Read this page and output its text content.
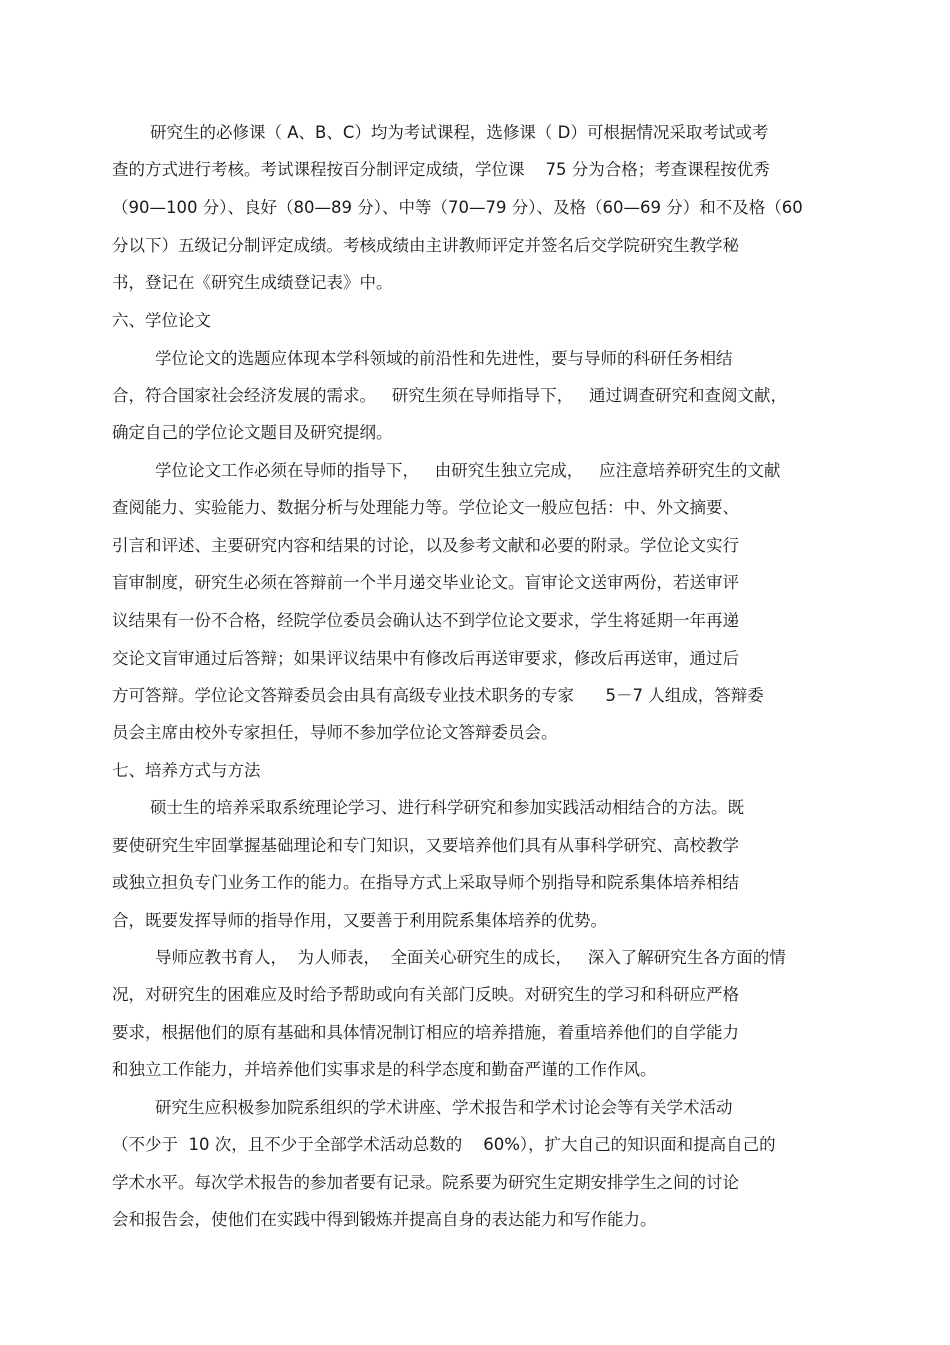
研究生的必修课（ A、B、C）均为考试课程，选修课（ D）可根据情况采取考试或考

查的方式进行考核。考试课程按百分制评定成绩，学位课    75 分为合格；考查课程按优秀

（90—100 分）、良好（80—89 分）、中等（70—79 分）、及格（60—69 分）和不及格（60

分以下）五级记分制评定成绩。考核成绩由主讲教师评定并签名后交学院研究生教学秘

书，登记在《研究生成绩登记表》中。

六、学位论文

学位论文的选题应体现本学科领域的前沿性和先进性，要与导师的科研任务相结

合，符合国家社会经济发展的需求。   研究生须在导师指导下，   通过调查研究和查阅文献，

确定自己的学位论文题目及研究提纲。

学位论文工作必须在导师的指导下，   由研究生独立完成，   应注意培养研究生的文献

查阅能力、实验能力、数据分析与处理能力等。学位论文一般应包括：中、外文摘要、

引言和评述、主要研究内容和结果的讨论，以及参考文献和必要的附录。学位论文实行

盲审制度，研究生必须在答辩前一个半月递交毕业论文。盲审论文送审两份，若送审评

议结果有一份不合格，经院学位委员会确认达不到学位论文要求，学生将延期一年再递

交论文盲审通过后答辩；如果评议结果中有修改后再送审要求，修改后再送审，通过后

方可答辩。学位论文答辩委员会由具有高级专业技术职务的专家      5－7 人组成，答辩委

员会主席由校外专家担任，导师不参加学位论文答辩委员会。

七、培养方式与方法

硕士生的培养采取系统理论学习、进行科学研究和参加实践活动相结合的方法。既

要使研究生牢固掌握基础理论和专门知识，又要培养他们具有从事科学研究、高校教学

或独立担负专门业务工作的能力。在指导方式上采取导师个别指导和院系集体培养相结

合，既要发挥导师的指导作用，又要善于利用院系集体培养的优势。

导师应教书育人，  为人师表，  全面关心研究生的成长，   深入了解研究生各方面的情

况，对研究生的困难应及时给予帮助或向有关部门反映。对研究生的学习和科研应严格

要求，根据他们的原有基础和具体情况制订相应的培养措施，着重培养他们的自学能力

和独立工作能力，并培养他们实事求是的科学态度和勤奋严谨的工作作风。

研究生应积极参加院系组织的学术讲座、学术报告和学术讨论会等有关学术活动

（不少于  10 次，且不少于全部学术活动总数的    60%），扩大自己的知识面和提高自己的

学术水平。每次学术报告的参加者要有记录。院系要为研究生定期安排学生之间的讨论

会和报告会，使他们在实践中得到锻炼并提高自身的表达能力和写作能力。
